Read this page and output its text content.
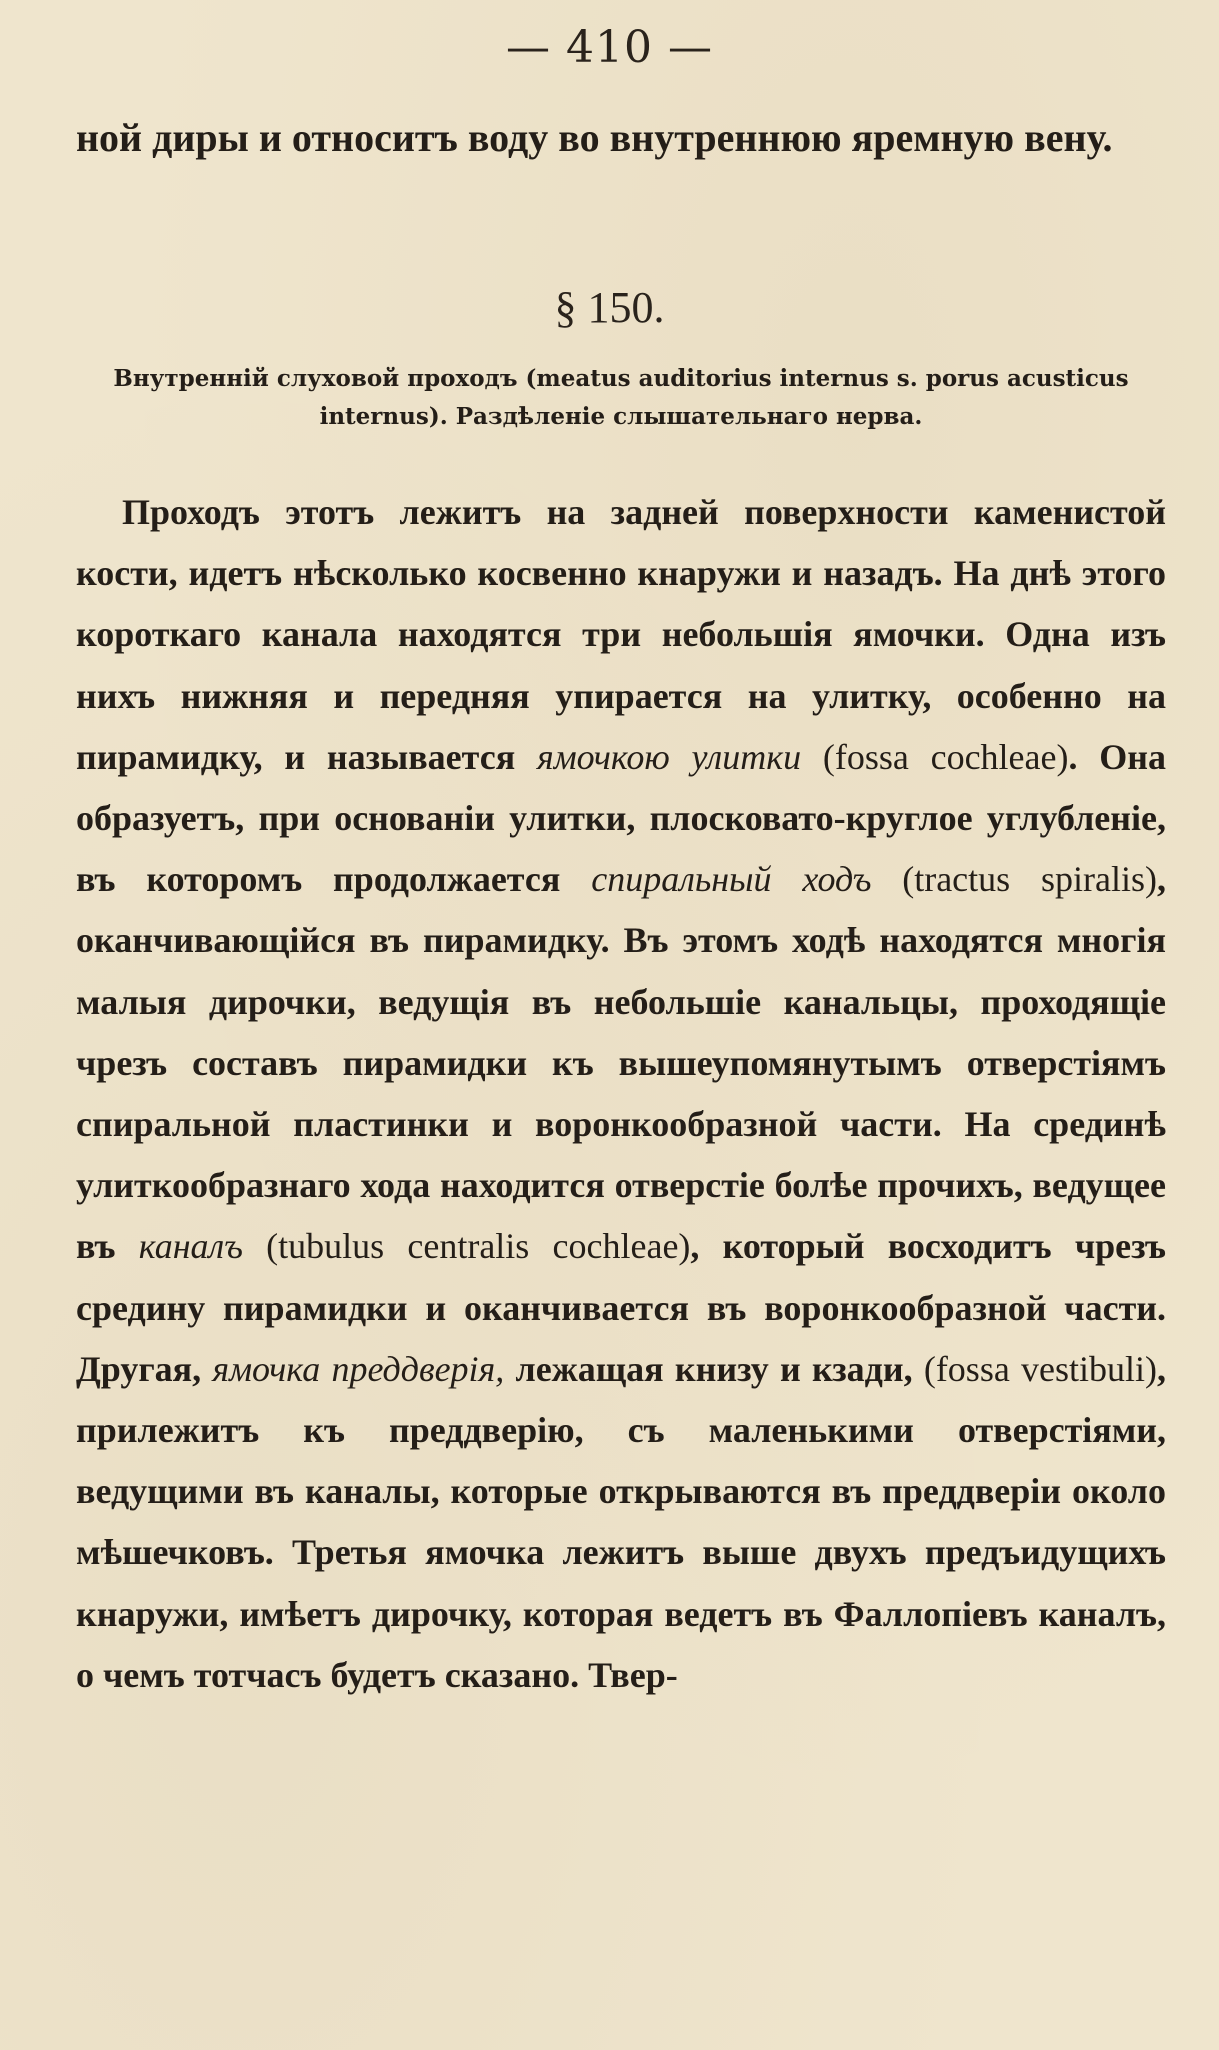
— 410 —
ной диры и относитъ воду во внутреннюю яремную вену.
§ 150.
Внутренній слуховой проходъ (meatus auditorius internus s. porus acusticus internus). Раздѣленіе слышательнаго нерва.
Проходъ этотъ лежитъ на задней поверхности каменистой кости, идетъ нѣсколько косвенно кнаружи и назадъ. На днѣ этого короткаго канала находятся три небольшія ямочки. Одна изъ нихъ нижняя и передняя упирается на улитку, особенно на пирамидку, и называется ямочкою улитки (fossa cochleae). Она образуетъ, при основаніи улитки, плосковато-круглое углубленіе, въ которомъ продолжается спиральный ходъ (tractus spiralis), оканчивающійся въ пирамидку. Въ этомъ ходѣ находятся многія малыя дирочки, ведущія въ небольшіе канальцы, проходящіе чрезъ составъ пирамидки къ вышеупомянутымъ отверстіямъ спиральной пластинки и воронкообразной части. На срединѣ улиткообразнаго хода находится отверстіе болѣе прочихъ, ведущее въ каналъ (tubulus centralis cochleae), который восходитъ чрезъ средину пирамидки и оканчивается въ воронкообразной части. Другая, ямочка преддверія, лежащая книзу и кзади, (fossa vestibuli), прилежитъ къ преддверію, съ маленькими отверстіями, ведущими въ каналы, которые открываются въ преддверіи около мѣшечковъ. Третья ямочка лежитъ выше двухъ предъидущихъ кнаружи, имѣетъ дирочку, которая ведетъ въ Фаллопіевъ каналъ, о чемъ тотчасъ будетъ сказано. Твер-
